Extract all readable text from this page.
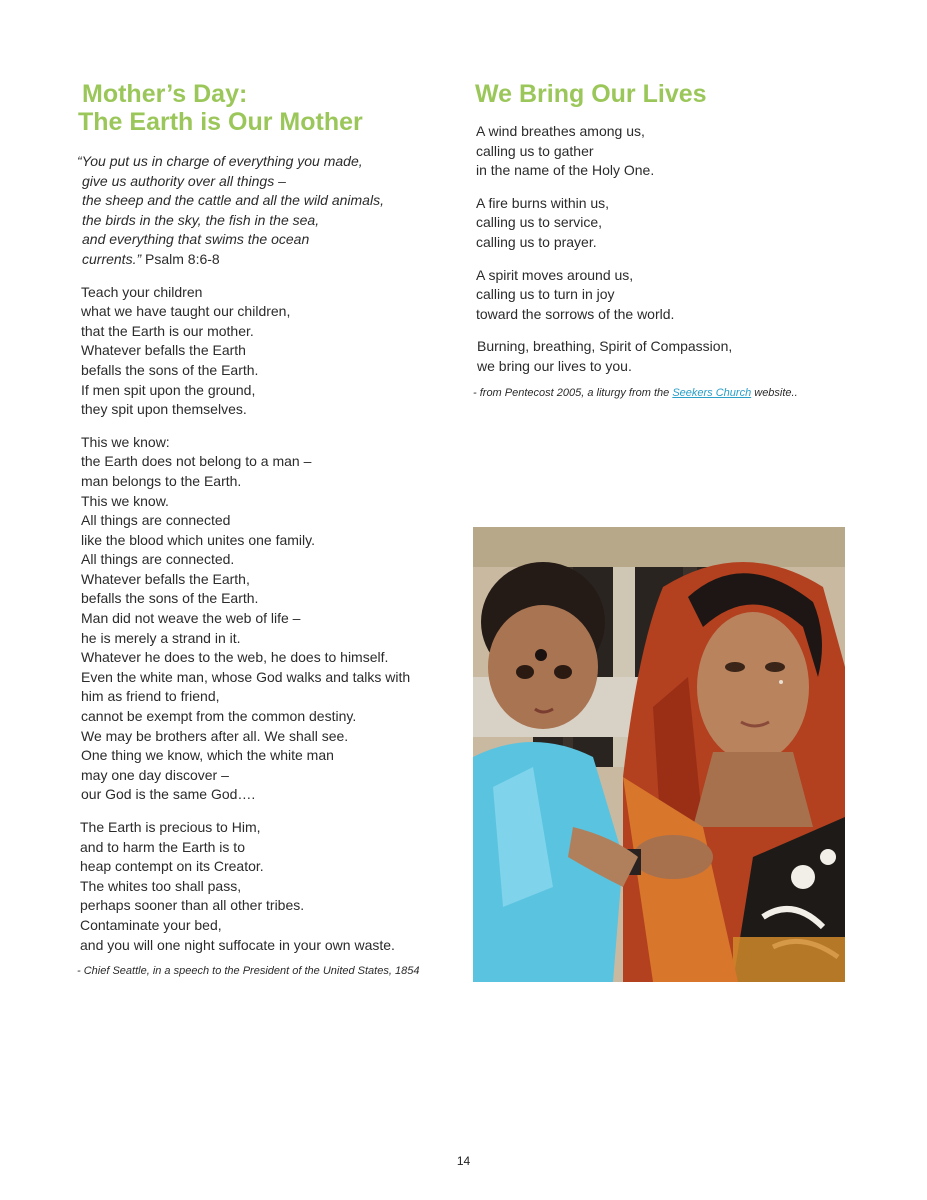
Mother’s Day:
The Earth is Our Mother
“You put us in charge of everything you made,
give us authority over all things –
the sheep and the cattle and all the wild animals,
the birds in the sky, the fish in the sea,
and everything that swims the ocean
currents.” Psalm 8:6-8
Teach your children
what we have taught our children,
that the Earth is our mother.
Whatever befalls the Earth
befalls the sons of the Earth.
If men spit upon the ground,
they spit upon themselves.
This we know:
the Earth does not belong to a man –
man belongs to the Earth.
This we know.
All things are connected
like the blood which unites one family.
All things are connected.
Whatever befalls the Earth,
befalls the sons of the Earth.
Man did not weave the web of life –
he is merely a strand in it.
Whatever he does to the web, he does to himself.
Even the white man, whose God walks and talks with
him as friend to friend,
cannot be exempt from the common destiny.
We may be brothers after all. We shall see.
One thing we know, which the white man
may one day discover –
our God is the same God….
The Earth is precious to Him,
and to harm the Earth is to
heap contempt on its Creator.
The whites too shall pass,
perhaps sooner than all other tribes.
Contaminate your bed,
and you will one night suffocate in your own waste.
- Chief Seattle, in a speech to the President of the United States, 1854
We Bring Our Lives
A wind breathes among us,
calling us to gather
in the name of the Holy One.
A fire burns within us,
calling us to service,
calling us to prayer.
A spirit moves around us,
calling us to turn in joy
toward the sorrows of the world.
Burning, breathing, Spirit of Compassion,
we bring our lives to you.
- from Pentecost 2005, a liturgy from the Seekers Church website..
14
